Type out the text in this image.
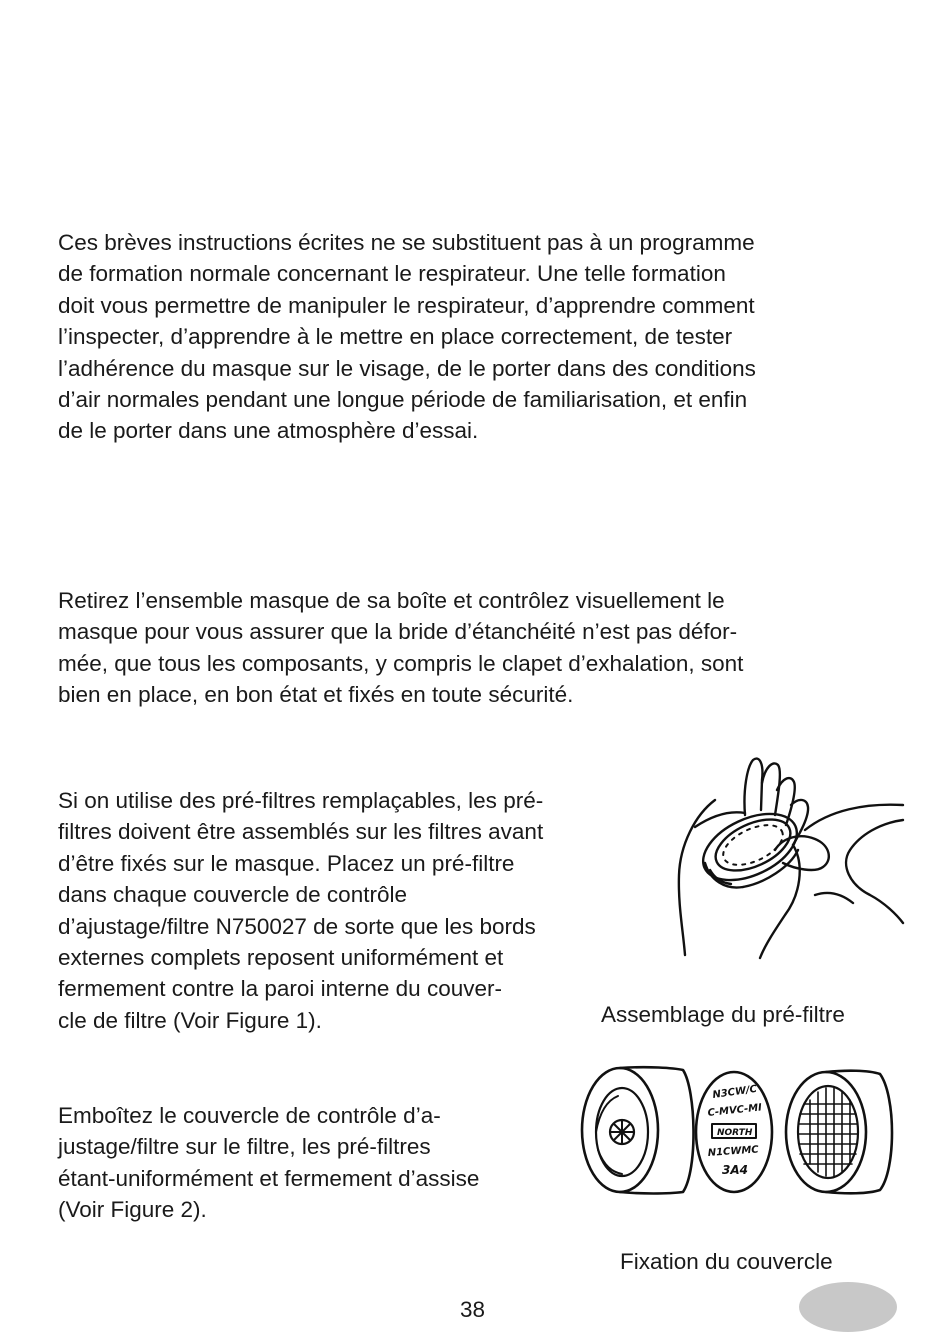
Ces brèves instructions écrites ne se substituent pas à un programme
de formation normale concernant le respirateur. Une telle formation
doit vous permettre de manipuler le respirateur, d’apprendre comment
l’inspecter, d’apprendre à le mettre en place correctement, de tester
l’adhérence du masque sur le visage, de le porter dans des conditions
d’air normales pendant une longue période de familiarisation, et enfin
de le porter dans une atmosphère d’essai.
Retirez l’ensemble masque de sa boîte et contrôlez visuellement le
masque pour vous assurer que la bride d’étanchéité n’est pas défor-
mée, que tous les composants, y compris le clapet d’exhalation, sont
bien en place, en bon état et fixés en toute sécurité.
Si on utilise des pré-filtres remplaçables, les pré-
filtres doivent être assemblés sur les filtres avant
d’être fixés sur le masque. Placez un pré-filtre
dans chaque couvercle de contrôle
d’ajustage/filtre N750027 de sorte que les bords
externes complets reposent uniformément et
fermement contre la paroi interne du couver-
cle de filtre (Voir Figure 1).
Emboîtez le couvercle de contrôle d’a-
justage/filtre sur le filtre, les pré-filtres
étant-uniformément et fermement d’assise
(Voir Figure 2).
Assemblage du pré-filtre
N3CW/C
C-MVC-MI
NORTH
N1CWMC
3A4
Fixation du couvercle
38
